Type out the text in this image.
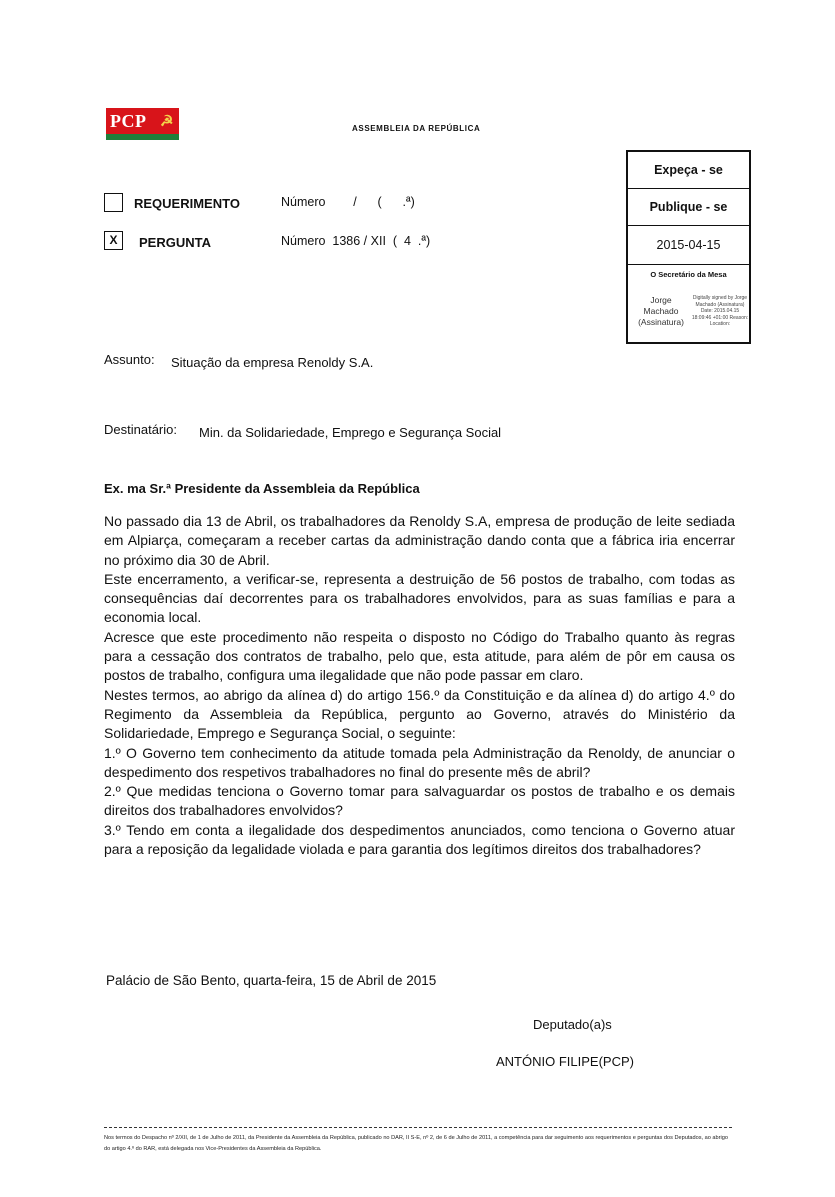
PCP ☭	ASSEMBLEIA DA REPÚBLICA
Expeça - se
Publique - se
2015-04-15
O Secretário da Mesa
Jorge Machado (Assinatura)
Digitally signed by Jorge Machado (Assinatura) Date: 2015.04.15 18:09:46 +01:00 Reason: Location:
REQUERIMENTO	Número        /      (      .ª)
X	PERGUNTA	Número  1386 / XII  (  4  .ª)
Assunto: Situação da empresa Renoldy S.A.
Destinatário: Min. da Solidariedade, Emprego e Segurança Social
Ex. ma Sr.ª Presidente da Assembleia da República

No passado dia 13 de Abril, os trabalhadores da Renoldy S.A, empresa de produção de leite sediada em Alpiarça, começaram a receber cartas da administração dando conta que a fábrica iria encerrar no próximo dia 30 de Abril.

Este encerramento, a verificar-se, representa a destruição de 56 postos de trabalho, com todas as consequências daí decorrentes para os trabalhadores envolvidos, para as suas famílias e para a economia local.

Acresce que este procedimento não respeita o disposto no Código do Trabalho quanto às regras para a cessação dos contratos de trabalho, pelo que, esta atitude, para além de pôr em causa os postos de trabalho, configura uma ilegalidade que não pode passar em claro.

Nestes termos, ao abrigo da alínea d) do artigo 156.º da Constituição e da alínea d) do artigo 4.º do Regimento da Assembleia da República, pergunto ao Governo, através do Ministério da Solidariedade, Emprego e Segurança Social, o seguinte:

1.º O Governo tem conhecimento da atitude tomada pela Administração da Renoldy, de anunciar o despedimento dos respetivos trabalhadores no final do presente mês de abril?

2.º Que medidas tenciona o Governo tomar para salvaguardar os postos de trabalho e os demais direitos dos trabalhadores envolvidos?

3.º Tendo em conta a ilegalidade dos despedimentos anunciados, como tenciona o Governo atuar para a reposição da legalidade violada e para garantia dos legítimos direitos dos trabalhadores?

Palácio de São Bento, quarta-feira, 15 de Abril de 2015
Deputado(a)s
ANTÓNIO FILIPE(PCP)
Nos termos do Despacho nº 2/XII, de 1 de Julho de 2011, da Presidente da Assembleia da República, publicado no DAR, II S-E, nº 2, de 6 de Julho de 2011, a competência para dar seguimento aos requerimentos e perguntas dos Deputados, ao abrigo do artigo 4.º do RAR, está delegada nos Vice-Presidentes da Assembleia da República.
